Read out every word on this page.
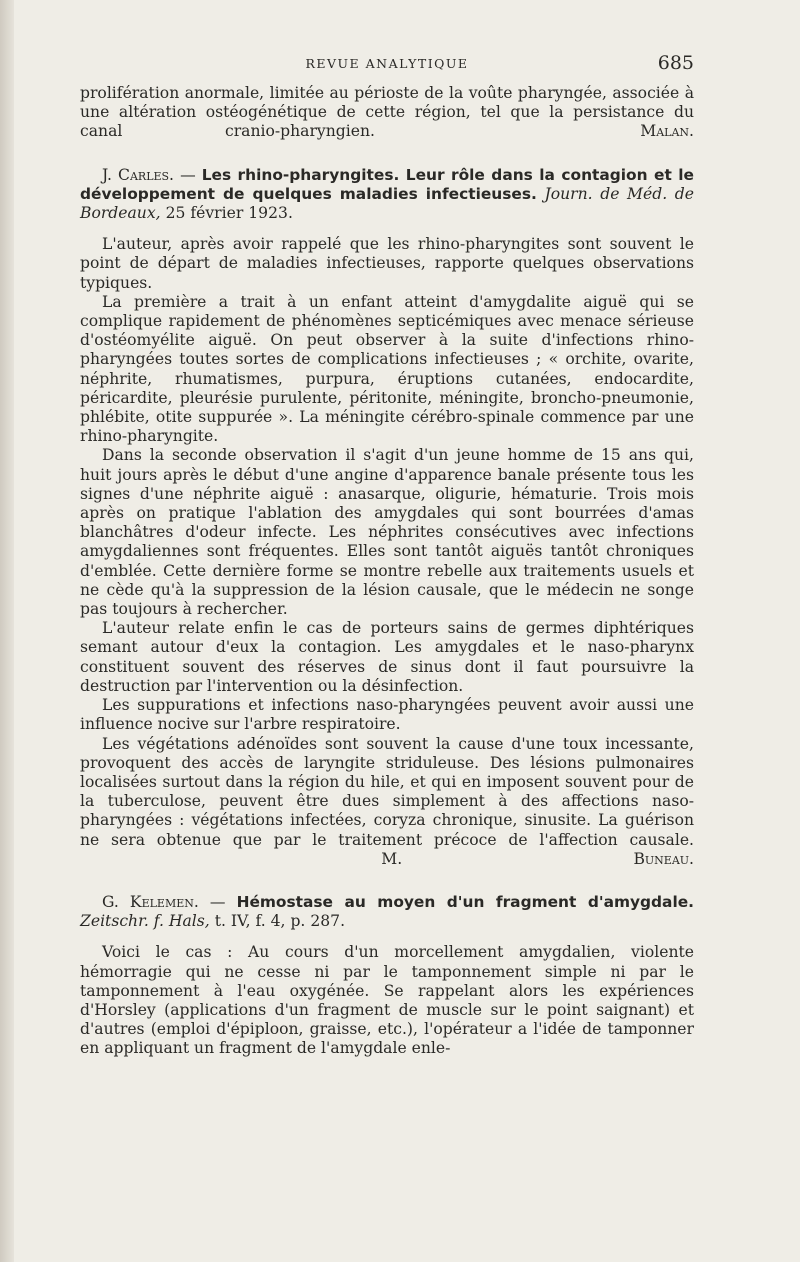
REVUE ANALYTIQUE	685

prolifération anormale, limitée au périoste de la voûte pharyngée, associée à une altération ostéogénétique de cette région, tel que la persistance du canal cranio-pharyngien.	Malan.

J. Carles. — Les rhino-pharyngites. Leur rôle dans la contagion et le développement de quelques maladies infectieuses. Journ. de Méd. de Bordeaux, 25 février 1923.

L'auteur, après avoir rappelé que les rhino-pharyngites sont souvent le point de départ de maladies infectieuses, rapporte quelques observations typiques.

La première a trait à un enfant atteint d'amygdalite aiguë qui se complique rapidement de phénomènes septicémiques avec menace sérieuse d'ostéomyélite aiguë. On peut observer à la suite d'infections rhino-pharyngées toutes sortes de complications infectieuses ; « orchite, ovarite, néphrite, rhumatismes, purpura, éruptions cutanées, endocardite, péricardite, pleurésie purulente, péritonite, méningite, broncho-pneumonie, phlébite, otite suppurée ». La méningite cérébro-spinale commence par une rhino-pharyngite.

Dans la seconde observation il s'agit d'un jeune homme de 15 ans qui, huit jours après le début d'une angine d'apparence banale présente tous les signes d'une néphrite aiguë : anasarque, oligurie, hématurie. Trois mois après on pratique l'ablation des amygdales qui sont bourrées d'amas blanchâtres d'odeur infecte. Les néphrites consécutives avec infections amygdaliennes sont fréquentes. Elles sont tantôt aiguës tantôt chroniques d'emblée. Cette dernière forme se montre rebelle aux traitements usuels et ne cède qu'à la suppression de la lésion causale, que le médecin ne songe pas toujours à rechercher.

L'auteur relate enfin le cas de porteurs sains de germes diphtériques semant autour d'eux la contagion. Les amygdales et le naso-pharynx constituent souvent des réserves de sinus dont il faut poursuivre la destruction par l'intervention ou la désinfection.

Les suppurations et infections naso-pharyngées peuvent avoir aussi une influence nocive sur l'arbre respiratoire.

Les végétations adénoïdes sont souvent la cause d'une toux incessante, provoquent des accès de laryngite striduleuse. Des lésions pulmonaires localisées surtout dans la région du hile, et qui en imposent souvent pour de la tuberculose, peuvent être dues simplement à des affections naso-pharyngées : végétations infectées, coryza chronique, sinusite. La guérison ne sera obtenue que par le traitement précoce de l'affection causale.  M. Buneau.

G. Kelemen. — Hémostase au moyen d'un fragment d'amygdale. Zeitschr. f. Hals, t. IV, f. 4, p. 287.

Voici le cas : Au cours d'un morcellement amygdalien, violente hémorragie qui ne cesse ni par le tamponnement simple ni par le tamponnement à l'eau oxygénée. Se rappelant alors les expériences d'Horsley (applications d'un fragment de muscle sur le point saignant) et d'autres (emploi d'épiploon, graisse, etc.), l'opérateur a l'idée de tamponner en appliquant un fragment de l'amygdale enle-
